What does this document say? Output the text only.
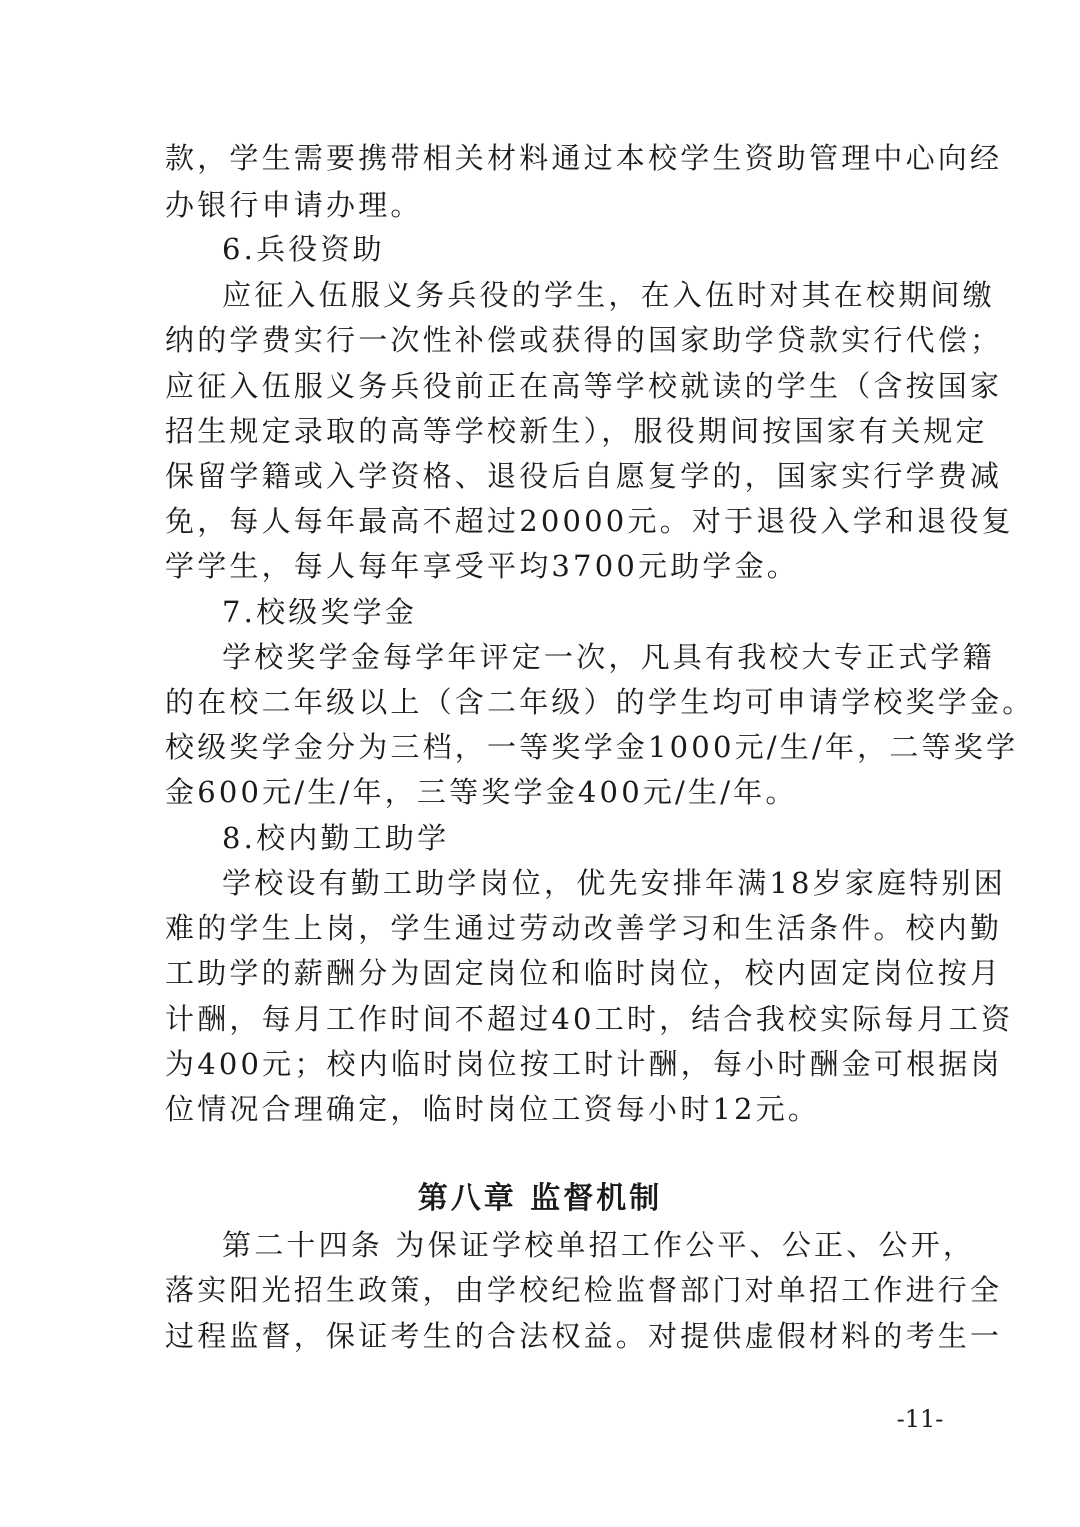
款，学生需要携带相关材料通过本校学生资助管理中心向经
办银行申请办理。
6.兵役资助
应征入伍服义务兵役的学生，在入伍时对其在校期间缴
纳的学费实行一次性补偿或获得的国家助学贷款实行代偿；
应征入伍服义务兵役前正在高等学校就读的学生（含按国家
招生规定录取的高等学校新生），服役期间按国家有关规定
保留学籍或入学资格、退役后自愿复学的，国家实行学费减
免，每人每年最高不超过20000元。对于退役入学和退役复
学学生，每人每年享受平均3700元助学金。
7.校级奖学金
学校奖学金每学年评定一次，凡具有我校大专正式学籍
的在校二年级以上（含二年级）的学生均可申请学校奖学金。
校级奖学金分为三档，一等奖学金1000元/生/年，二等奖学
金600元/生/年，三等奖学金400元/生/年。
8.校内勤工助学
学校设有勤工助学岗位，优先安排年满18岁家庭特别困
难的学生上岗，学生通过劳动改善学习和生活条件。校内勤
工助学的薪酬分为固定岗位和临时岗位，校内固定岗位按月
计酬，每月工作时间不超过40工时，结合我校实际每月工资
为400元；校内临时岗位按工时计酬，每小时酬金可根据岗
位情况合理确定，临时岗位工资每小时12元。
第八章 监督机制
第二十四条 为保证学校单招工作公平、公正、公开，
落实阳光招生政策，由学校纪检监督部门对单招工作进行全
过程监督，保证考生的合法权益。对提供虚假材料的考生一
-11-
